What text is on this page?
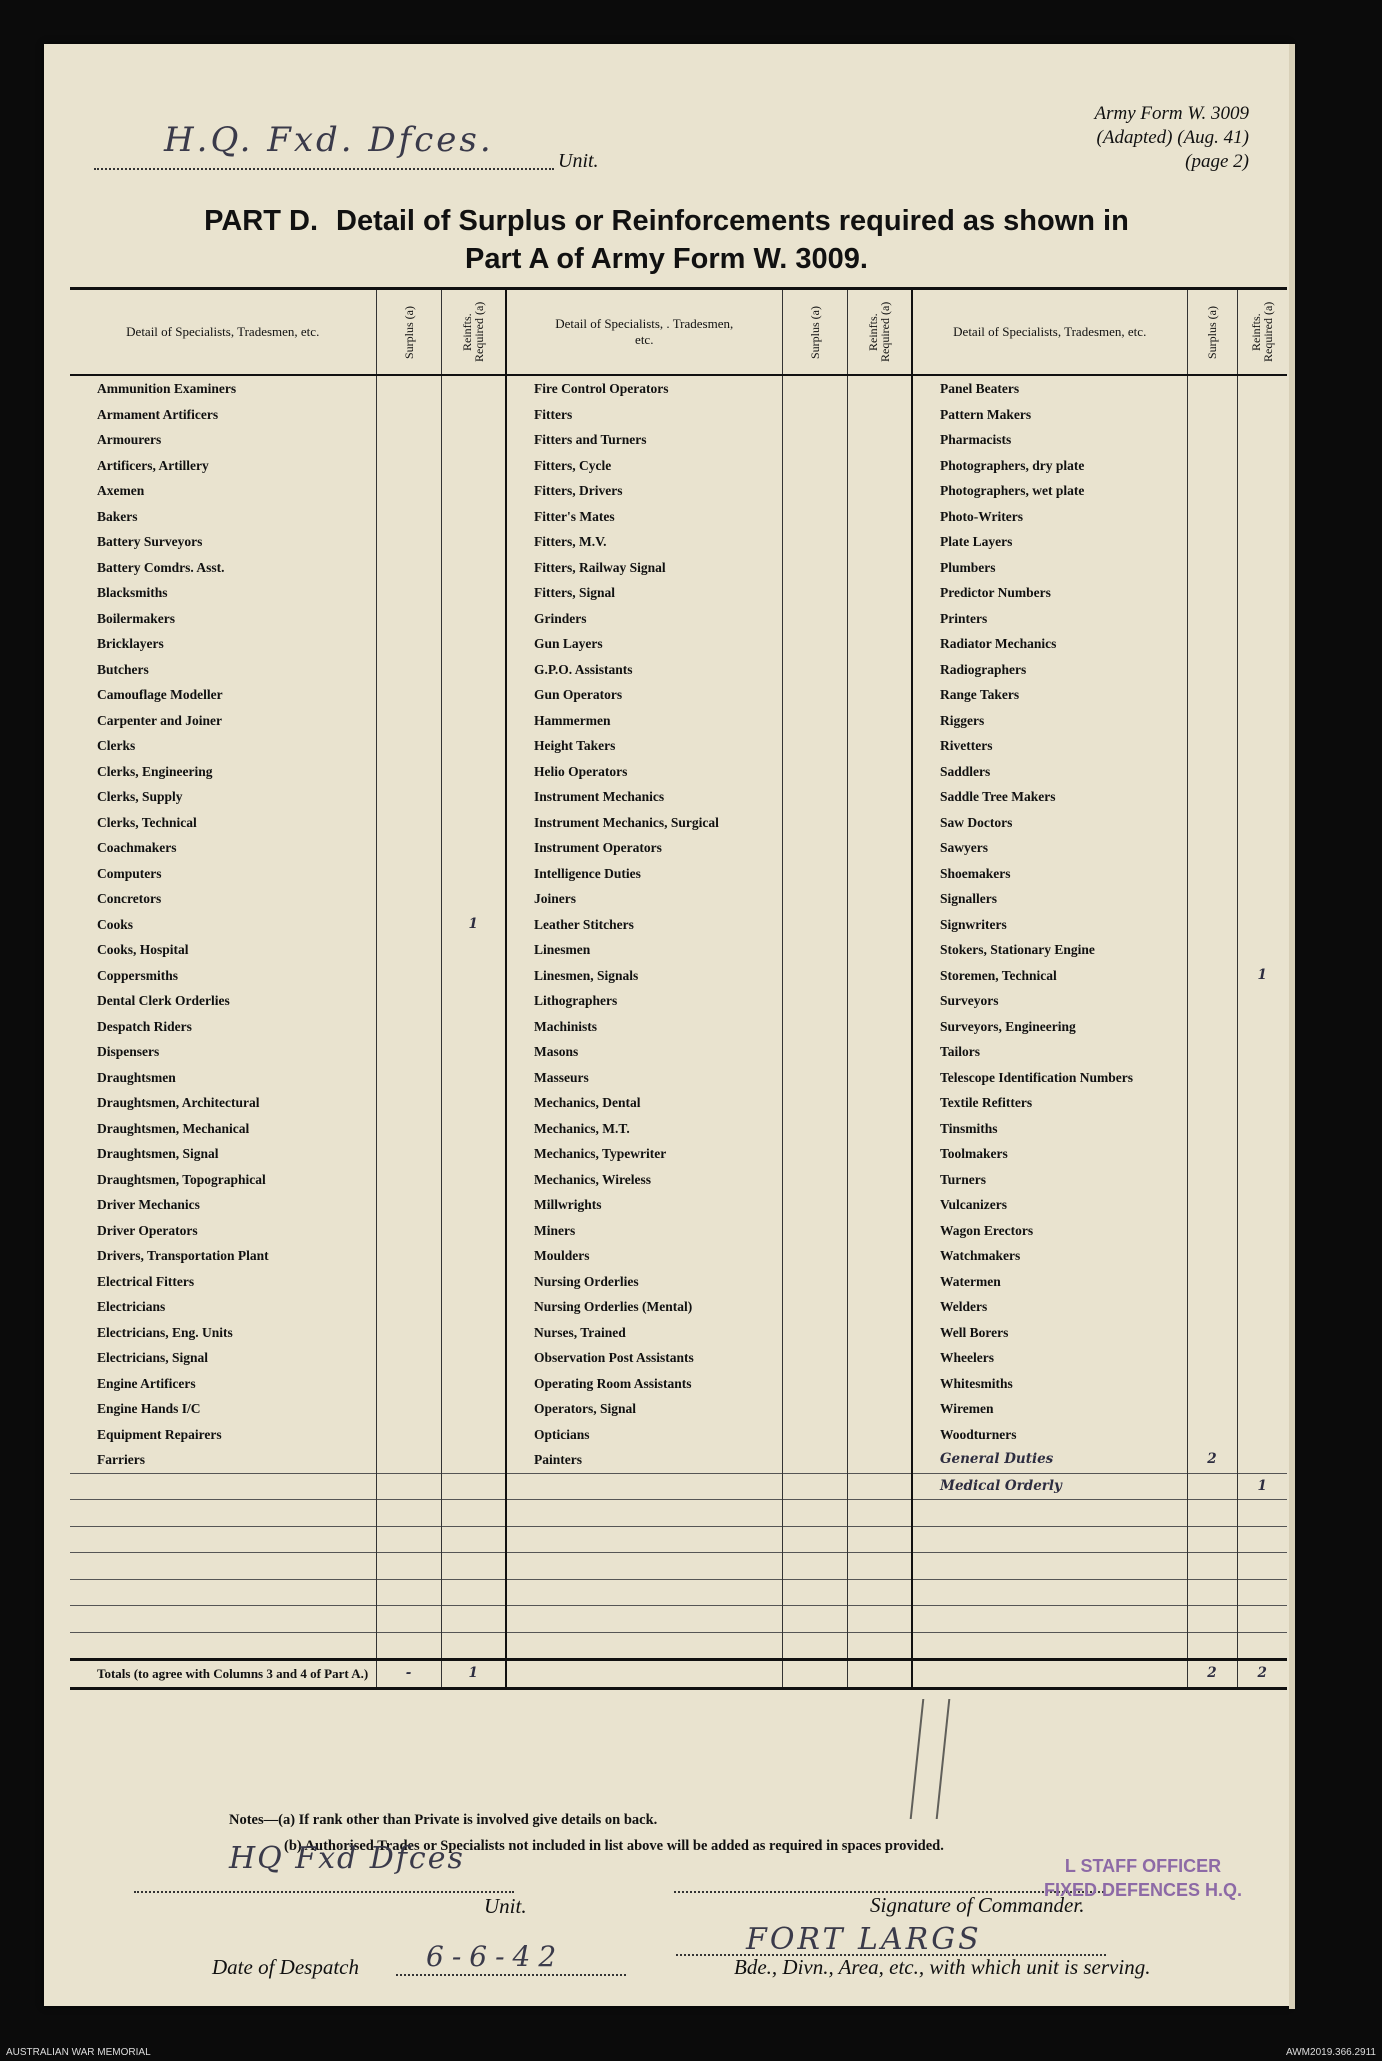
Army Form W. 3009
(Adapted) (Aug. 41)
(page 2)
H.Q. Fxd. Dfces.
Unit.
PART D. Detail of Surplus or Reinforcements required as shown in
Part A of Army Form W. 3009.
Detail of Specialists, Tradesmen, etc.	Surplus (a)	Reinfts. Required (a)	Detail of Specialists, . Tradesmen, etc.	Surplus (a)	Reinfts. Required (a)	Detail of Specialists, Tradesmen, etc.	Surplus (a)	Reinfts. Required (a)

Ammunition Examiners			Fire Control Operators			Panel Beaters		
Armament Artificers			Fitters			Pattern Makers		
Armourers			Fitters and Turners			Pharmacists		
Artificers, Artillery			Fitters, Cycle			Photographers, dry plate		
Axemen			Fitters, Drivers			Photographers, wet plate		
Bakers			Fitter's Mates			Photo-Writers		
Battery Surveyors			Fitters, M.V.			Plate Layers		
Battery Comdrs. Asst.			Fitters, Railway Signal			Plumbers		
Blacksmiths			Fitters, Signal			Predictor Numbers		
Boilermakers			Grinders			Printers		
Bricklayers			Gun Layers			Radiator Mechanics		
Butchers			G.P.O. Assistants			Radiographers		
Camouflage Modeller			Gun Operators			Range Takers		
Carpenter and Joiner			Hammermen			Riggers		
Clerks			Height Takers			Rivetters		
Clerks, Engineering			Helio Operators			Saddlers		
Clerks, Supply			Instrument Mechanics			Saddle Tree Makers		
Clerks, Technical			Instrument Mechanics, Surgical			Saw Doctors		
Coachmakers			Instrument Operators			Sawyers		
Computers			Intelligence Duties			Shoemakers		
Concretors			Joiners			Signallers		
Cooks		1	Leather Stitchers			Signwriters		
Cooks, Hospital			Linesmen			Stokers, Stationary Engine		
Coppersmiths			Linesmen, Signals			Storemen, Technical		1
Dental Clerk Orderlies			Lithographers			Surveyors		
Despatch Riders			Machinists			Surveyors, Engineering		
Dispensers			Masons			Tailors		
Draughtsmen			Masseurs			Telescope Identification Numbers		
Draughtsmen, Architectural			Mechanics, Dental			Textile Refitters		
Draughtsmen, Mechanical			Mechanics, M.T.			Tinsmiths		
Draughtsmen, Signal			Mechanics, Typewriter			Toolmakers		
Draughtsmen, Topographical			Mechanics, Wireless			Turners		
Driver Mechanics			Millwrights			Vulcanizers		
Driver Operators			Miners			Wagon Erectors		
Drivers, Transportation Plant			Moulders			Watchmakers		
Electrical Fitters			Nursing Orderlies			Watermen		
Electricians			Nursing Orderlies (Mental)			Welders		
Electricians, Eng. Units			Nurses, Trained			Well Borers		
Electricians, Signal			Observation Post Assistants			Wheelers		
Engine Artificers			Operating Room Assistants			Whitesmiths		
Engine Hands I/C			Operators, Signal			Wiremen		
Equipment Repairers			Opticians			Woodturners		
Farriers			Painters			General Duties	2	
						Medical Orderly		1

Totals (to agree with Columns 3 and 4 of Part A.)	-	1					2	2
Notes—(a) If rank other than Private is involved give details on back.
(b) Authorised Trades or Specialists not included in list above will be added as required in spaces provided.
HQ Fxd Dfces
Unit.	Signature of Commander.
L STAFF OFFICER
FIXED DEFENCES H.Q.
Date of Despatch 6-6-42	FORT LARGS
Bde., Divn., Area, etc., with which unit is serving.
AUSTRALIAN WAR MEMORIAL	AWM2019.366.2911
